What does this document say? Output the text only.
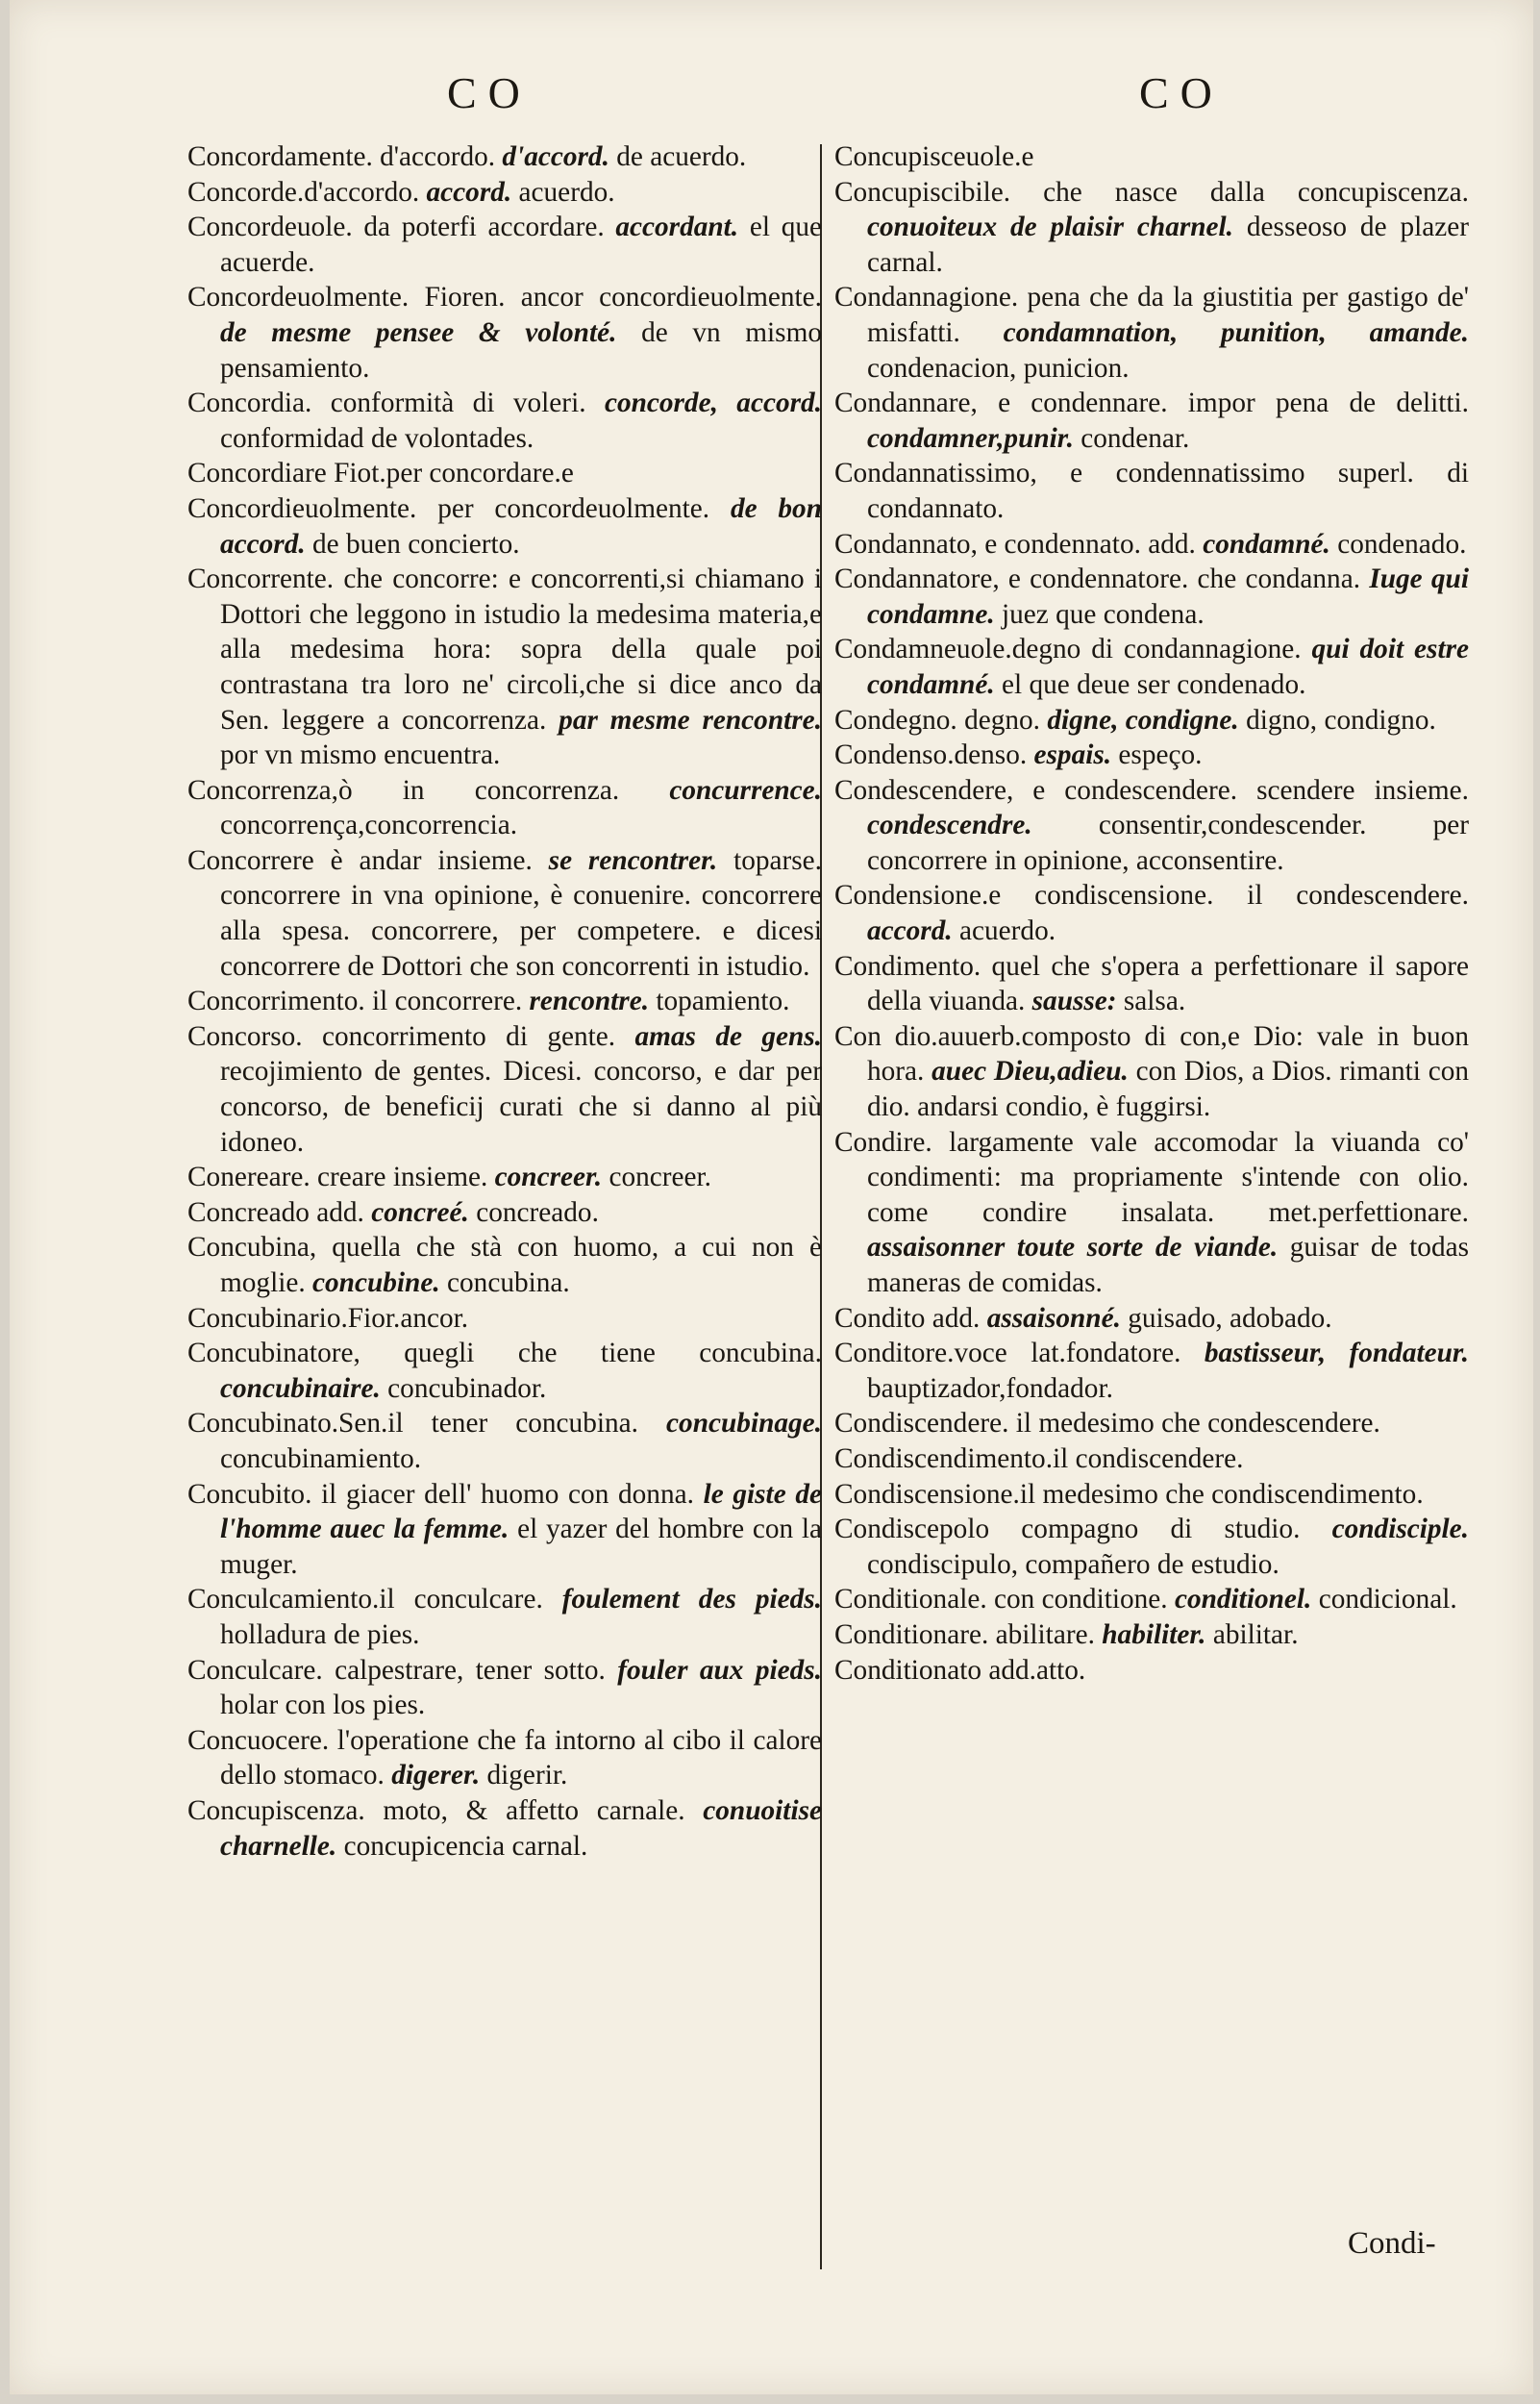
CO	CO
Concordamente. d'accordo. d'accord. de acuerdo.
Concorde.d'accordo. accord. acuerdo.
Concordeuole. da poterfi accordare. accordant. el que acuerde.
Concordeuolmente. Fioren. ancor concordieuolmente. de mesme pensee & volonté. de vn mismo pensamiento.
Concordia. conformità di voleri. concorde, accord. conformidad de volontades.
Concordiare Fiot.per concordare.e
Concordieuolmente. per concordeuolmente. de bon accord. de buen concierto.
Concorrente. che concorre: e concorrenti,si chiamano i Dottori che leggono in istudio la medesima materia,e alla medesima hora: sopra della quale poi contrastana tra loro ne' circoli,che si dice anco da Sen. leggere a concorrenza. par mesme rencontre. por vn mismo encuentra.
Concorrenza,ò in concorrenza. concurrence. concorrença,concorrencia.
Concorrere è andar insieme. se rencontrer. toparse. concorrere in vna opinione, è conuenire. concorrere alla spesa. concorrere, per competere. e dicesi concorrere de Dottori che son concorrenti in istudio.
Concorrimento. il concorrere. rencontre. topamiento.
Concorso. concorrimento di gente. amas de gens. recojimiento de gentes. Dicesi. concorso, e dar per concorso, de beneficij curati che si danno al più idoneo.
Conereare. creare insieme. concreer. concreer.
Concreado add. concreé. concreado.
Concubina, quella che stà con huomo, a cui non è moglie. concubine. concubina.
Concubinario.Fior.ancor.
Concubinatore, quegli che tiene concubina. concubinaire. concubinador.
Concubinato.Sen.il tener concubina. concubinage. concubinamiento.
Concubito. il giacer dell' huomo con donna. le giste de l'homme auec la femme. el yazer del hombre con la muger.
Conculcamiento.il conculcare. foulement des pieds. holladura de pies.
Conculcare. calpestrare, tener sotto. fouler aux pieds. holar con los pies.
Concuocere. l'operatione che fa intorno al cibo il calore dello stomaco. digerer. digerir.
Concupiscenza. moto, & affetto carnale. conuoitise charnelle. concupicencia carnal.
Concupisceuole.e
Concupiscibile. che nasce dalla concupiscenza. conuoiteux de plaisir charnel. desseoso de plazer carnal.
Condannagione. pena che da la giustitia per gastigo de' misfatti. condamnation, punition, amande. condenacion, punicion.
Condannare, e condennare. impor pena de delitti. condamner,punir. condenar.
Condannatissimo, e condennatissimo superl. di condannato.
Condannato, e condennato. add. condamné. condenado.
Condannatore, e condennatore. che condanna. Iuge qui condamne. juez que condena.
Condamneuole.degno di condannagione. qui doit estre condamné. el que deue ser condenado.
Condegno. degno. digne, condigne. digno, condigno.
Condenso.denso. espais. espeço.
Condescendere, e condescendere. scendere insieme. condescendre. consentir,condescender. per concorrere in opinione, acconsentire.
Condensione.e condiscensione. il condescendere. accord. acuerdo.
Condimento. quel che s'opera a perfettionare il sapore della viuanda. sausse: salsa.
Con dio.auuerb.composto di con,e Dio: vale in buon hora. auec Dieu,adieu. con Dios, a Dios. rimanti con dio. andarsi condio, è fuggirsi.
Condire. largamente vale accomodar la viuanda co' condimenti: ma propriamente s'intende con olio. come condire insalata. met.perfettionare. assaisonner toute sorte de viande. guisar de todas maneras de comidas.
Condito add. assaisonné. guisado, adobado.
Conditore.voce lat.fondatore. bastisseur, fondateur. bauptizador,fondador.
Condiscendere. il medesimo che condescendere.
Condiscendimento.il condiscendere.
Condiscensione.il medesimo che condiscendimento.
Condiscepolo compagno di studio. condisciple. condiscipulo, compañero de estudio.
Conditionale. con conditione. conditionel. condicional.
Conditionare. abilitare. habiliter. abilitar.
Conditionato add.atto.
Condi-
